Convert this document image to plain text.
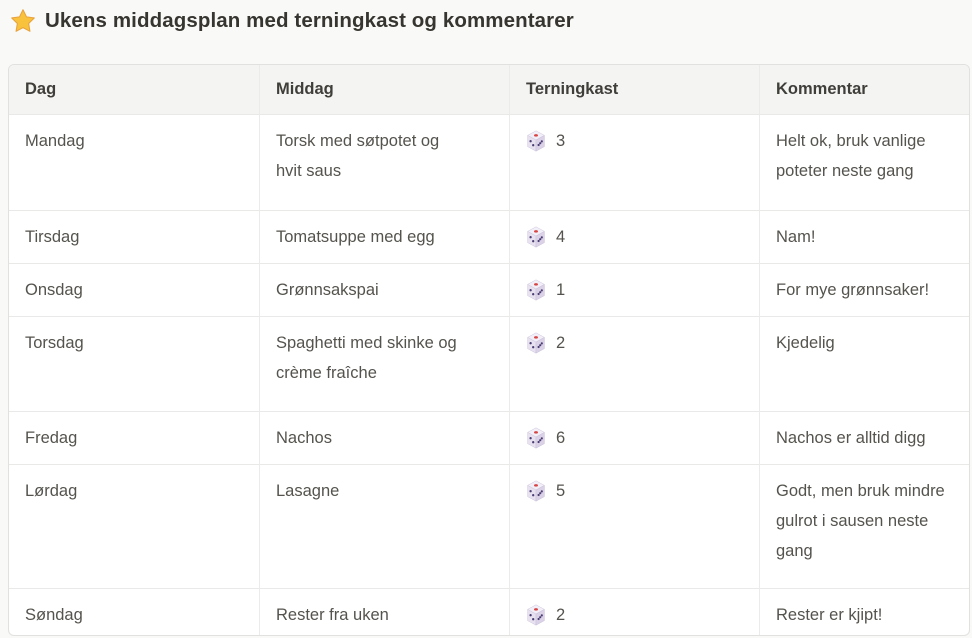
Ukens middagsplan med terningkast og kommentarer
Dag	Middag	Terningkast	Kommentar

Mandag	Torsk med søtpotet og hvit saus	3	Helt ok, bruk vanlige poteter neste gang

Tirsdag	Tomatsuppe med egg	4	Nam!

Onsdag	Grønnsakspai	1	For mye grønnsaker!

Torsdag	Spaghetti med skinke og crème fraîche	2	Kjedelig

Fredag	Nachos	6	Nachos er alltid digg

Lørdag	Lasagne	5	Godt, men bruk mindre gulrot i sausen neste gang

Søndag	Rester fra uken	2	Rester er kjipt!
